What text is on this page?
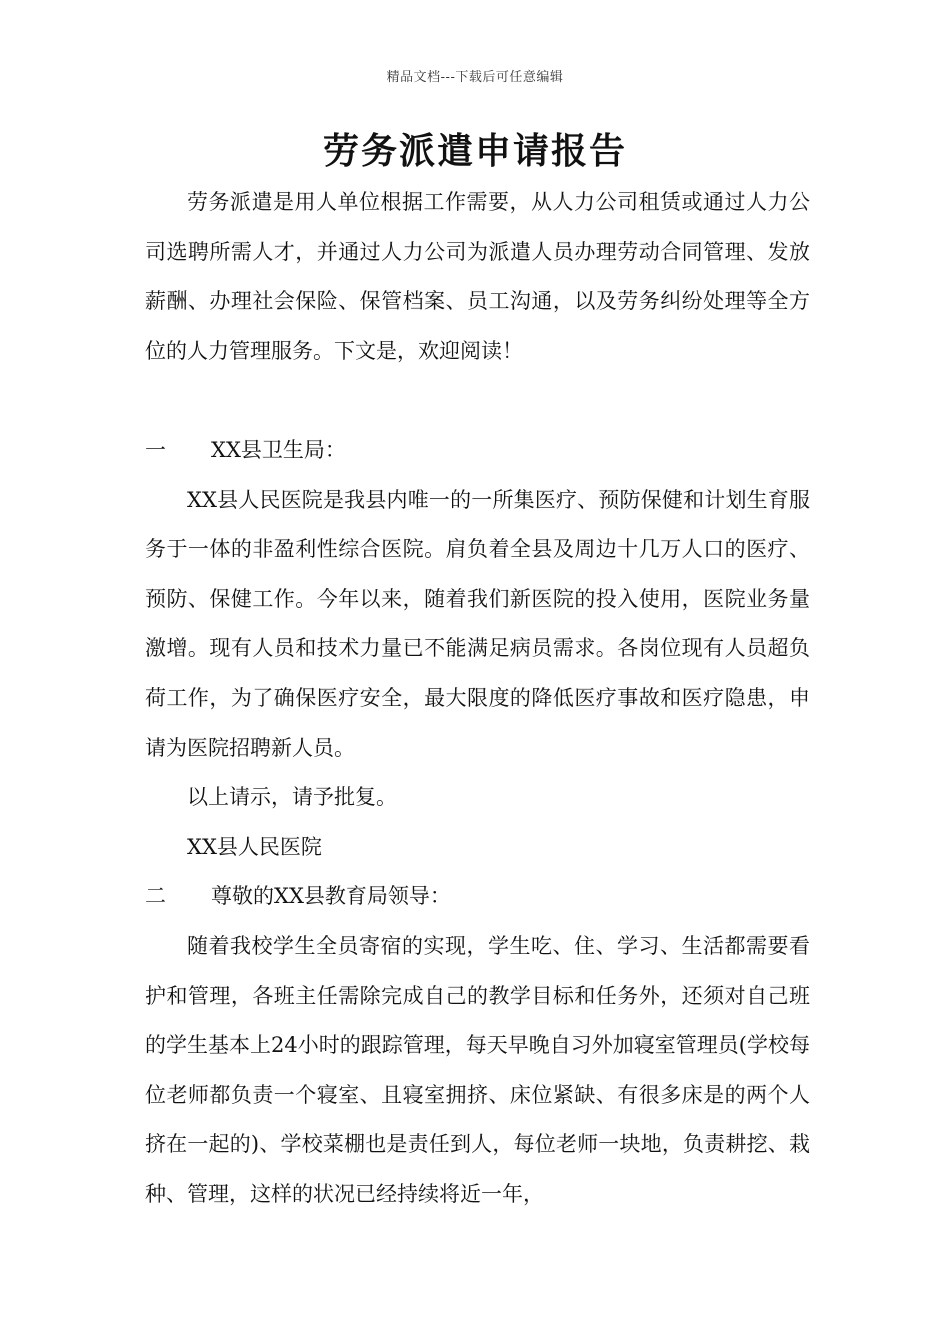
精品文档---下载后可任意编辑
劳务派遣申请报告

劳务派遣是用人单位根据工作需要，从人力公司租赁或通过人力公司选聘所需人才，并通过人力公司为派遣人员办理劳动合同管理、发放薪酬、办理社会保险、保管档案、员工沟通，以及劳务纠纷处理等全方位的人力管理服务。下文是，欢迎阅读！

一 XX县卫生局：

XX县人民医院是我县内唯一的一所集医疗、预防保健和计划生育服务于一体的非盈利性综合医院。肩负着全县及周边十几万人口的医疗、预防、保健工作。今年以来，随着我们新医院的投入使用，医院业务量激增。现有人员和技术力量已不能满足病员需求。各岗位现有人员超负荷工作，为了确保医疗安全，最大限度的降低医疗事故和医疗隐患，申请为医院招聘新人员。

以上请示，请予批复。

XX县人民医院

二 尊敬的XX县教育局领导：

随着我校学生全员寄宿的实现，学生吃、住、学习、生活都需要看护和管理，各班主任需除完成自己的教学目标和任务外，还须对自己班的学生基本上24小时的跟踪管理，每天早晚自习外加寝室管理员(学校每位老师都负责一个寝室、且寝室拥挤、床位紧缺、有很多床是的两个人挤在一起的)、学校菜棚也是责任到人，每位老师一块地，负责耕挖、栽种、管理，这样的状况已经持续将近一年，
